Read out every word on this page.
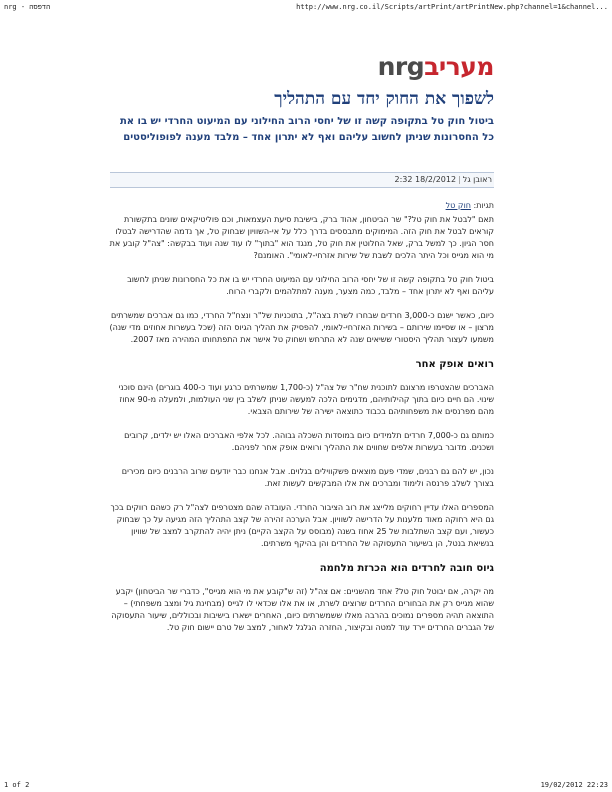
nrg - הדפסה	http://www.nrg.co.il/Scripts/artPrint/artPrintNew.php?channel=1&channel...
nrgמעריב
לשפוך את החוק יחד עם התהליך
ביטול חוק טל בתקופה קשה זו של יחסי הרוב החילוני עם המיעוט החרדי יש בו את כל החסרונות שניתן לחשוב עליהם ואף לא יתרון אחד – מלבד מענה לפופוליסטים
ראובן גל|18/2/2012 2:32
תגיות: חוק טל

תאם "לבטל את חוק טל?" שר הביטחון, אהוד ברק, בישיבת סיעת העצמאות, וכם פוליטיקאים שונים בתקשורת קוראים לבטל את חוק הזה. המימוקים מתבססים בדרך כלל על אי-השוויון שבחוק טל, אך נדמה שהדרישה לבטלו חסר הגיון. כך למשל ברק, שאל החלוטין את חוק טל, מנגד הוא "בתוך" לו עוד שנה ועוד בבקשה: "צה"ל קובע את מי הוא מגייס וכל היתר הלכים לשבת של שירות אזרחי-לאומי". האומנם?

ביטול חוק טל בתקופה קשה זו של יחסי הרוב החילוני עם המיעוט החרדי יש בו את כל החסרונות שניתן לחשוב עליהם ואף לא יתרון אחד – מלבד, כמה מצער, מענה למתלהמים ולקברי הרוח.

כיום, כאשר ישנם כ-3,000 חרדים שבחרו לשרת בצה"ל, בתוכניות של"ר ונצח"ל החרדי, כמו גם אברכים שמשרתים מרצון – או שסיימו שירותם – בשירות האזרחי-לאומי, להפסיק את תהליך הגיוס הזה (שכל בעשרות אחוזים מדי שנה) משמעו לעצור תהליך היסטורי ששיאים שנה לא התרחש ושחוק טל אישר את התפתחותו המהירה מאז 2007.

רואים אופק אחר

האברכים שהצטרפו מרצונם לתוכנית שח"ר של צה"ל (כ-1,700 שמשרתים כרגע ועוד כ-400 בוגרים) הינם סוכני שינוי. הם חיים כיום בתוך קהילותיהם, מדגימים הלכה למעשה שניתן לשלב בין שני העולמות, ולמעלה מ-90 אחוז מהם מפרנסים את משפחותיהם בכבוד כתוצאה ישירה של שירותם הצבאי.

כמותם גם כ-7,000 חרדים תלמידים כיום במוסדות השכלה גבוהה. לכל אלפי האברכים האלו יש ילדים, קרובים ושכנים. מדובר בעשרות אלפים שחווים את התהליך ורואים אופק אחר לפניהם.

נכון, יש להם גם רבנים, שמדי פעם מוצאים פשקווילים בגלוים. אבל אנחנו כבר יודעים שרוב הרבנים כיום מכירים בצורך לשלב פרנסה ולימוד ומברכים את אלו המבקשים לעשות זאת.

המספרים האלו עדיין רחוקים מלייצג את רוב הציבור החרדי. העובדה שהם מצטרפים לצה"ל רק כשהם רווקים בכך גם היא רחוקה מאוד מלענות על הדרישה לשוויון. אבל הערכה זהירה של קצב התהליך הזה מגיעה על כך שבחוק כעשור, ועם קצב השתלבות של 25 אחוז בשנה (מבוסס על הקצב הקיים) ניתן יהיה להתקרב למצב של שוויון בנשיאת בנטל, הן בשיעור התעסוקה של החרדים והן בהיקף משרתים.

גיוס חובה לחרדים הוא הכרזת מלחמה

מה יקרה, אם יבוטל חוק טל? אחד מהשניים: אם צה"ל (זה ש"קובע את מי הוא מגייס", כדברי שר הביטחון) יקבע שהוא מגייס רק את הבחורים החרדים שרוצים לשרת, או את אלו שכדאי לו לגייס (מבחינת גיל ומצב משפחתי) – התוצאה תהיה מספרים נמוכים בהרבה מאלו ששמשרתים כיום, האחרים ישארו בישיבות ובכוללים, שיעור התעסוקה של הגברים החרדים יירד עוד למטה ובקיצור, החזרה הגלגל לאחור, למצב של טרם יישום חוק טל.

1 of 2	19/02/2012 22:23
